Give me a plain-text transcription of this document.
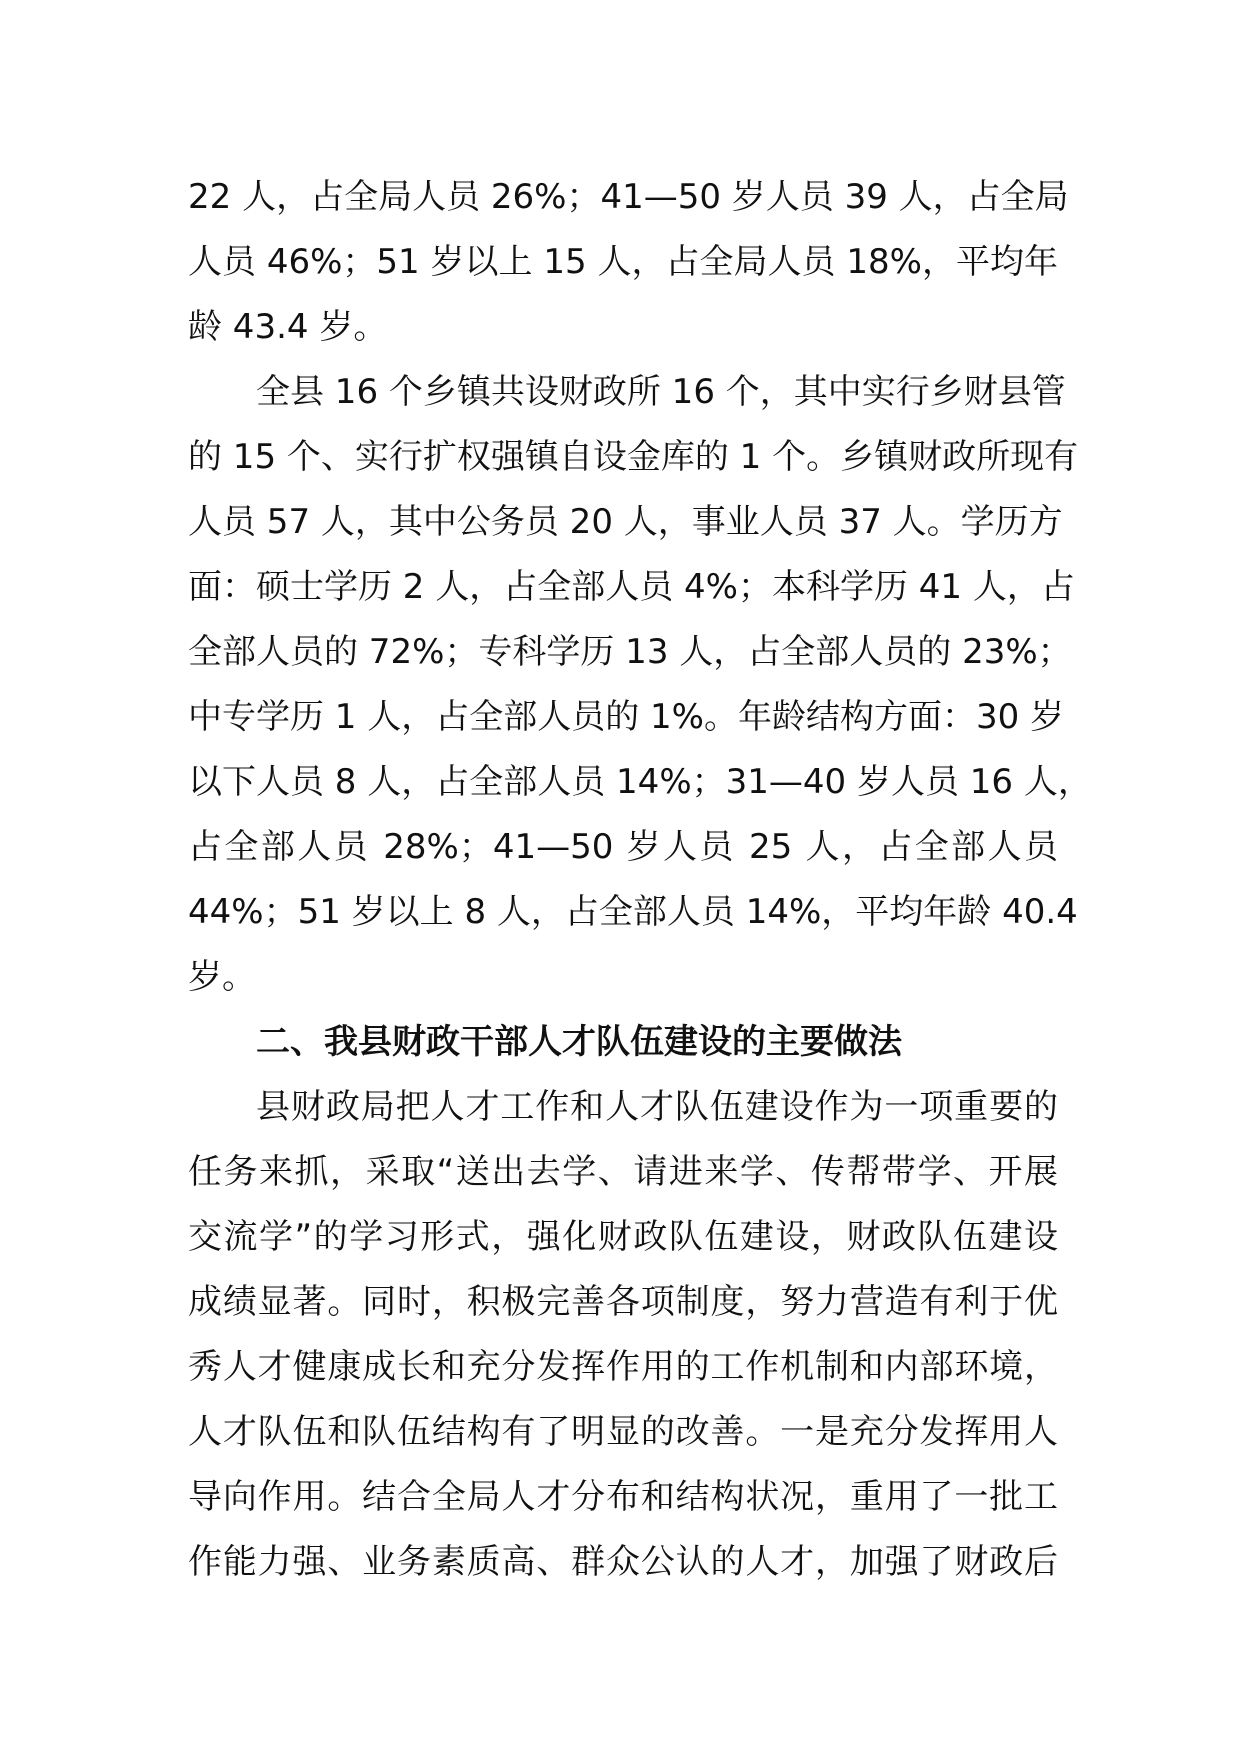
22 人，占全局人员 26%；41—50 岁人员 39 人，占全局
人员 46%；51 岁以上 15 人，占全局人员 18%，平均年
龄 43.4 岁。
全县 16 个乡镇共设财政所 16 个，其中实行乡财县管
的 15 个、实行扩权强镇自设金库的 1 个。乡镇财政所现有
人员 57 人，其中公务员 20 人，事业人员 37 人。学历方
面：硕士学历 2 人，占全部人员 4%；本科学历 41 人，占
全部人员的 72%；专科学历 13 人，占全部人员的 23%；
中专学历 1 人，占全部人员的 1%。年龄结构方面：30 岁
以下人员 8 人，占全部人员 14%；31—40 岁人员 16 人，
占全部人员 28%；41—50 岁人员 25 人，占全部人员
44%；51 岁以上 8 人，占全部人员 14%，平均年龄 40.4
岁。
二、我县财政干部人才队伍建设的主要做法
县财政局把人才工作和人才队伍建设作为一项重要的
任务来抓，采取“送出去学、请进来学、传帮带学、开展
交流学”的学习形式，强化财政队伍建设，财政队伍建设
成绩显著。同时，积极完善各项制度，努力营造有利于优
秀人才健康成长和充分发挥作用的工作机制和内部环境，
人才队伍和队伍结构有了明显的改善。一是充分发挥用人
导向作用。结合全局人才分布和结构状况，重用了一批工
作能力强、业务素质高、群众公认的人才，加强了财政后
